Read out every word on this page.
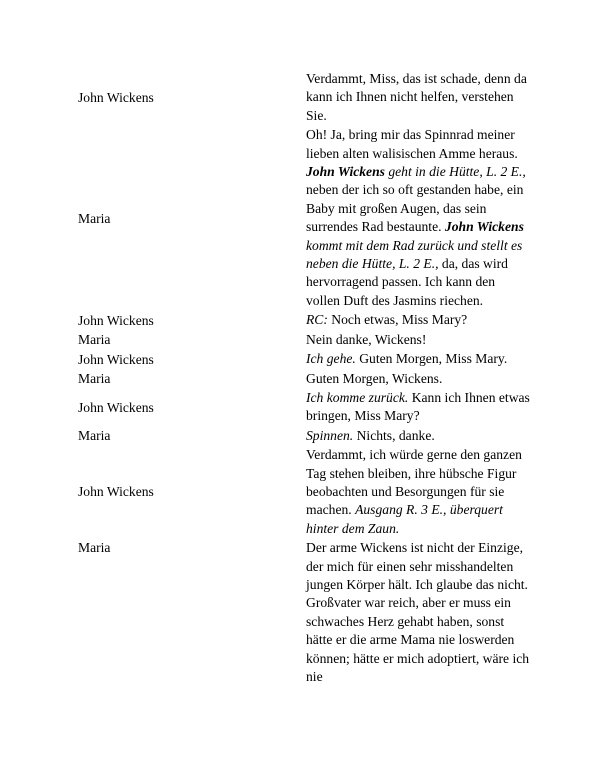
John Wickens	Verdammt, Miss, das ist schade, denn da kann ich Ihnen nicht helfen, verstehen Sie.
Maria	Oh! Ja, bring mir das Spinnrad meiner lieben alten walisischen Amme heraus. John Wickens geht in die Hütte, L. 2 E., neben der ich so oft gestanden habe, ein Baby mit großen Augen, das sein surrendes Rad bestaunte. John Wickens kommt mit dem Rad zurück und stellt es neben die Hütte, L. 2 E., da, das wird hervorragend passen. Ich kann den vollen Duft des Jasmins riechen.
John Wickens	RC: Noch etwas, Miss Mary?
Maria	Nein danke, Wickens!
John Wickens	Ich gehe. Guten Morgen, Miss Mary.
Maria	Guten Morgen, Wickens.
John Wickens	Ich komme zurück. Kann ich Ihnen etwas bringen, Miss Mary?
Maria	Spinnen. Nichts, danke.
John Wickens	Verdammt, ich würde gerne den ganzen Tag stehen bleiben, ihre hübsche Figur beobachten und Besorgungen für sie machen. Ausgang R. 3 E., überquert hinter dem Zaun.
Maria	Der arme Wickens ist nicht der Einzige, der mich für einen sehr misshandelten jungen Körper hält. Ich glaube das nicht. Großvater war reich, aber er muss ein schwaches Herz gehabt haben, sonst hätte er die arme Mama nie loswerden können; hätte er mich adoptiert, wäre ich nie
